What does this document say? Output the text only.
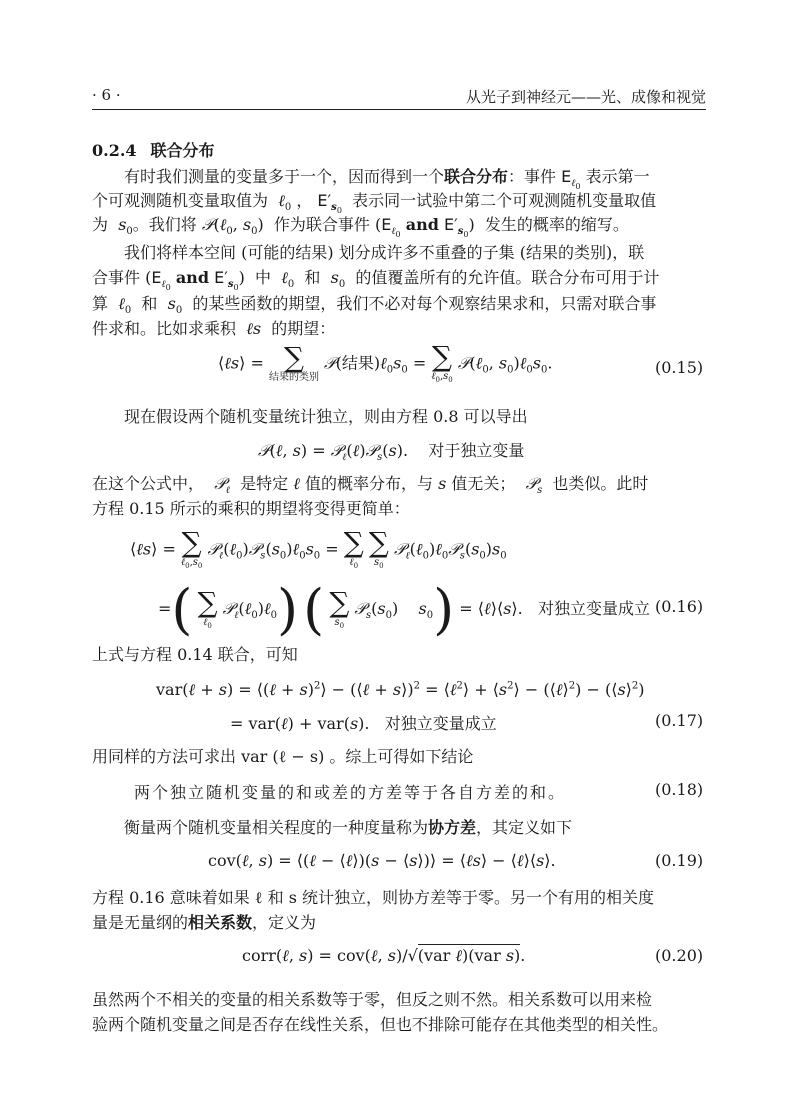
· 6 ·	从光子到神经元——光、成像和视觉
0.2.4 联合分布
有时我们测量的变量多于一个，因而得到一个联合分布：事件 $E_{\ell_0}$ 表示第一
个可观测随机变量取值为 ℓ$_0$ ， $E'_{s_0}$  表示同一试验中第二个可观测随机变量取值
为 $s_0$。我们将 𝒫(ℓ$_0$, $s_0$)  作为联合事件 ($E_{\ell_0}$ and $E'_{s_0}$)  发生的概率的缩写。
我们将样本空间 (可能的结果) 划分成许多不重叠的子集 (结果的类别)，联
合事件 ($E_{\ell_0}$ and $E'_{s_0}$)  中 ℓ$_0$ 和 $s_0$ 的值覆盖所有的允许值。联合分布可用于计
算 ℓ$_0$ 和 $s_0$ 的某些函数的期望，我们不必对每个观察结果求和，只需对联合事
件求和。比如求乘积 ℓs 的期望：
⟨ℓs⟩ = ∑
结果的类别
𝒫(结果)$\ell_0s_0$ = ∑
$\ell_0,s_0$
𝒫(ℓ$_0$, $s_0)\ell_0s_0$.	(0.15)
现在假设两个随机变量统计独立，则由方程 0.8 可以导出
𝒫(ℓ, s) = 𝒫$_\ell$(ℓ)𝒫$_s$(s).    对于独立变量
在这个公式中， 𝒫$_\ell$ 是特定 ℓ 值的概率分布，与 s 值无关； 𝒫$_s$ 也类似。此时
方程 0.15 所示的乘积的期望将变得更简单：
⟨ℓs⟩ = ∑
$\ell_0,s_0$
$𝒫_\ell(\ell_0)𝒫_s(s_0)\ell_0s_0$ = ∑
ℓ$_0$

∑
$s_0$
$𝒫_\ell(\ell_0)\ell_0𝒫_s(s_0)s_0$
=( ∑
ℓ$_0$
𝒫$_\ell$(ℓ$_0$)ℓ$_0$) ( ∑
$s_0$
$𝒫_s(s_0)$    $s_0$) = ⟨ℓ⟩⟨s⟩.   对独立变量成立 (0.16)
上式与方程 0.14 联合，可知
var(ℓ + s) = ⟨(ℓ + s)$^2$⟩ − (⟨ℓ + s⟩)$^2$ = ⟨ℓ$^2$⟩ + $⟨s^2⟩$ − (⟨ℓ⟩$^2$) − (⟨s⟩$^2$)
= var(ℓ) + var(s).   对独立变量成立	(0.17)
用同样的方法可求出 var (ℓ − s) 。综上可得如下结论
两个独立随机变量的和或差的方差等于各自方差的和。	(0.18)
衡量两个随机变量相关程度的一种度量称为协方差，其定义如下
cov(ℓ, s) = ⟨(ℓ − ⟨ℓ⟩)(s − ⟨s⟩)⟩ = ⟨ℓs⟩ − ⟨ℓ⟩⟨s⟩.	(0.19)
方程 0.16 意味着如果 ℓ 和 s 统计独立，则协方差等于零。另一个有用的相关度
量是无量纲的相关系数，定义为
corr(ℓ, s) = cov(ℓ, s)/√(var ℓ)(var s).	(0.20)
虽然两个不相关的变量的相关系数等于零，但反之则不然。相关系数可以用来检
验两个随机变量之间是否存在线性关系，但也不排除可能存在其他类型的相关性。
